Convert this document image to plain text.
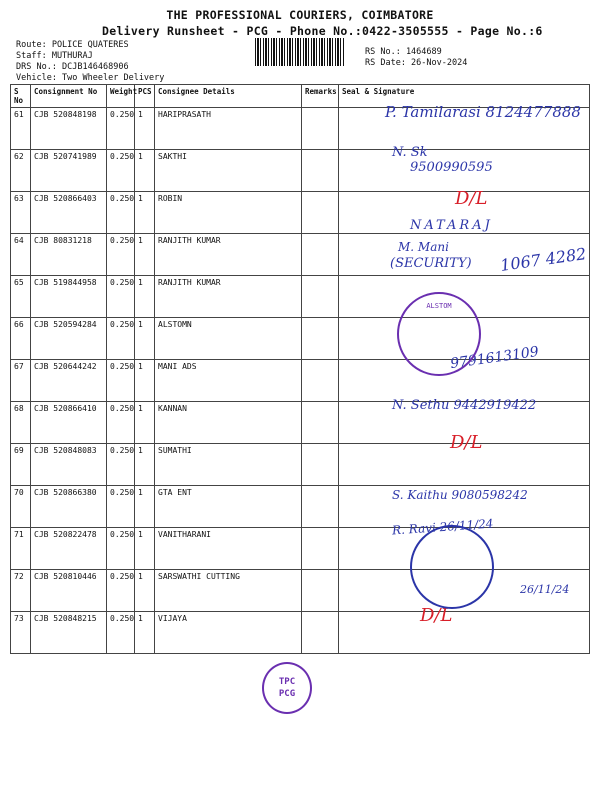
THE PROFESSIONAL COURIERS, COIMBATORE
Delivery Runsheet - PCG - Phone No.:0422-3505555 - Page No.:6
Route: POLICE QUATERES
Staff: MUTHURAJ
DRS No.: DCJB146468906
Vehicle: Two Wheeler Delivery
RS No.: 1464689
RS Date: 26-Nov-2024
S No	Consignment No	Weight	PCS	Consignee Details	Remarks	Seal & Signature
61	CJB 520848198	0.250	1	HARIPRASATH		
62	CJB 520741989	0.250	1	SAKTHI		
63	CJB 520866403	0.250	1	ROBIN		
64	CJB 80831218	0.250	1	RANJITH KUMAR		
65	CJB 519844958	0.250	1	RANJITH KUMAR		
66	CJB 520594284	0.250	1	ALSTOMN		
67	CJB 520644242	0.250	1	MANI ADS		
68	CJB 520866410	0.250	1	KANNAN		
69	CJB 520848083	0.250	1	SUMATHI		
70	CJB 520866380	0.250	1	GTA ENT		
71	CJB 520822478	0.250	1	VANITHARANI		
72	CJB 520810446	0.250	1	SARSWATHI CUTTING		
73	CJB 520848215	0.250	1	VIJAYA		
P. Tamilarasi 8124477888
N. Sk
9500990595
D/L
NATARAJ
M. Mani
(SECURITY) 1067 4282
9791613109
N. Sethu 9442919422
D/L
S. Kaithu 9080598242
R. Ravi 26/11/24
26/11/24
D/L
ALSTOM
TPC
PCG
